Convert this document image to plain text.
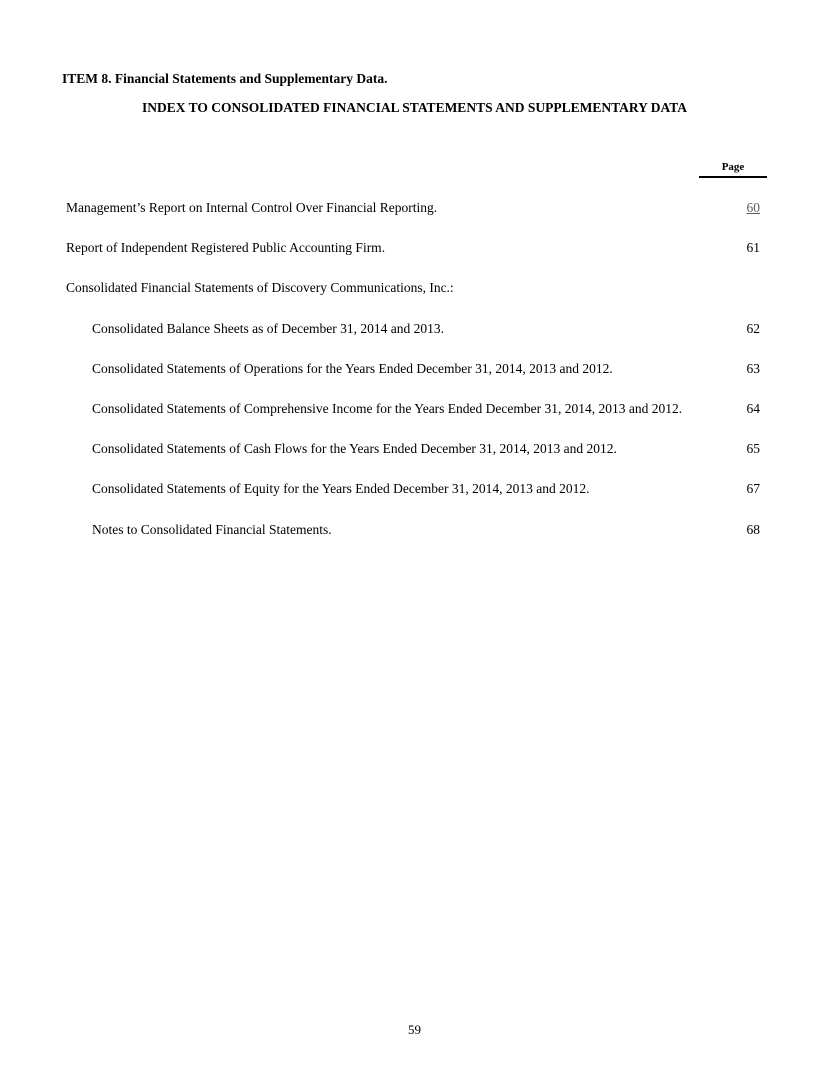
ITEM 8. Financial Statements and Supplementary Data.
INDEX TO CONSOLIDATED FINANCIAL STATEMENTS AND SUPPLEMENTARY DATA
Page
Management’s Report on Internal Control Over Financial Reporting.	60
Report of Independent Registered Public Accounting Firm.	61
Consolidated Financial Statements of Discovery Communications, Inc.:
Consolidated Balance Sheets as of December 31, 2014 and 2013.	62
Consolidated Statements of Operations for the Years Ended December 31, 2014, 2013 and 2012.	63
Consolidated Statements of Comprehensive Income for the Years Ended December 31, 2014, 2013 and 2012.	64
Consolidated Statements of Cash Flows for the Years Ended December 31, 2014, 2013 and 2012.	65
Consolidated Statements of Equity for the Years Ended December 31, 2014, 2013 and 2012.	67
Notes to Consolidated Financial Statements.	68
59
